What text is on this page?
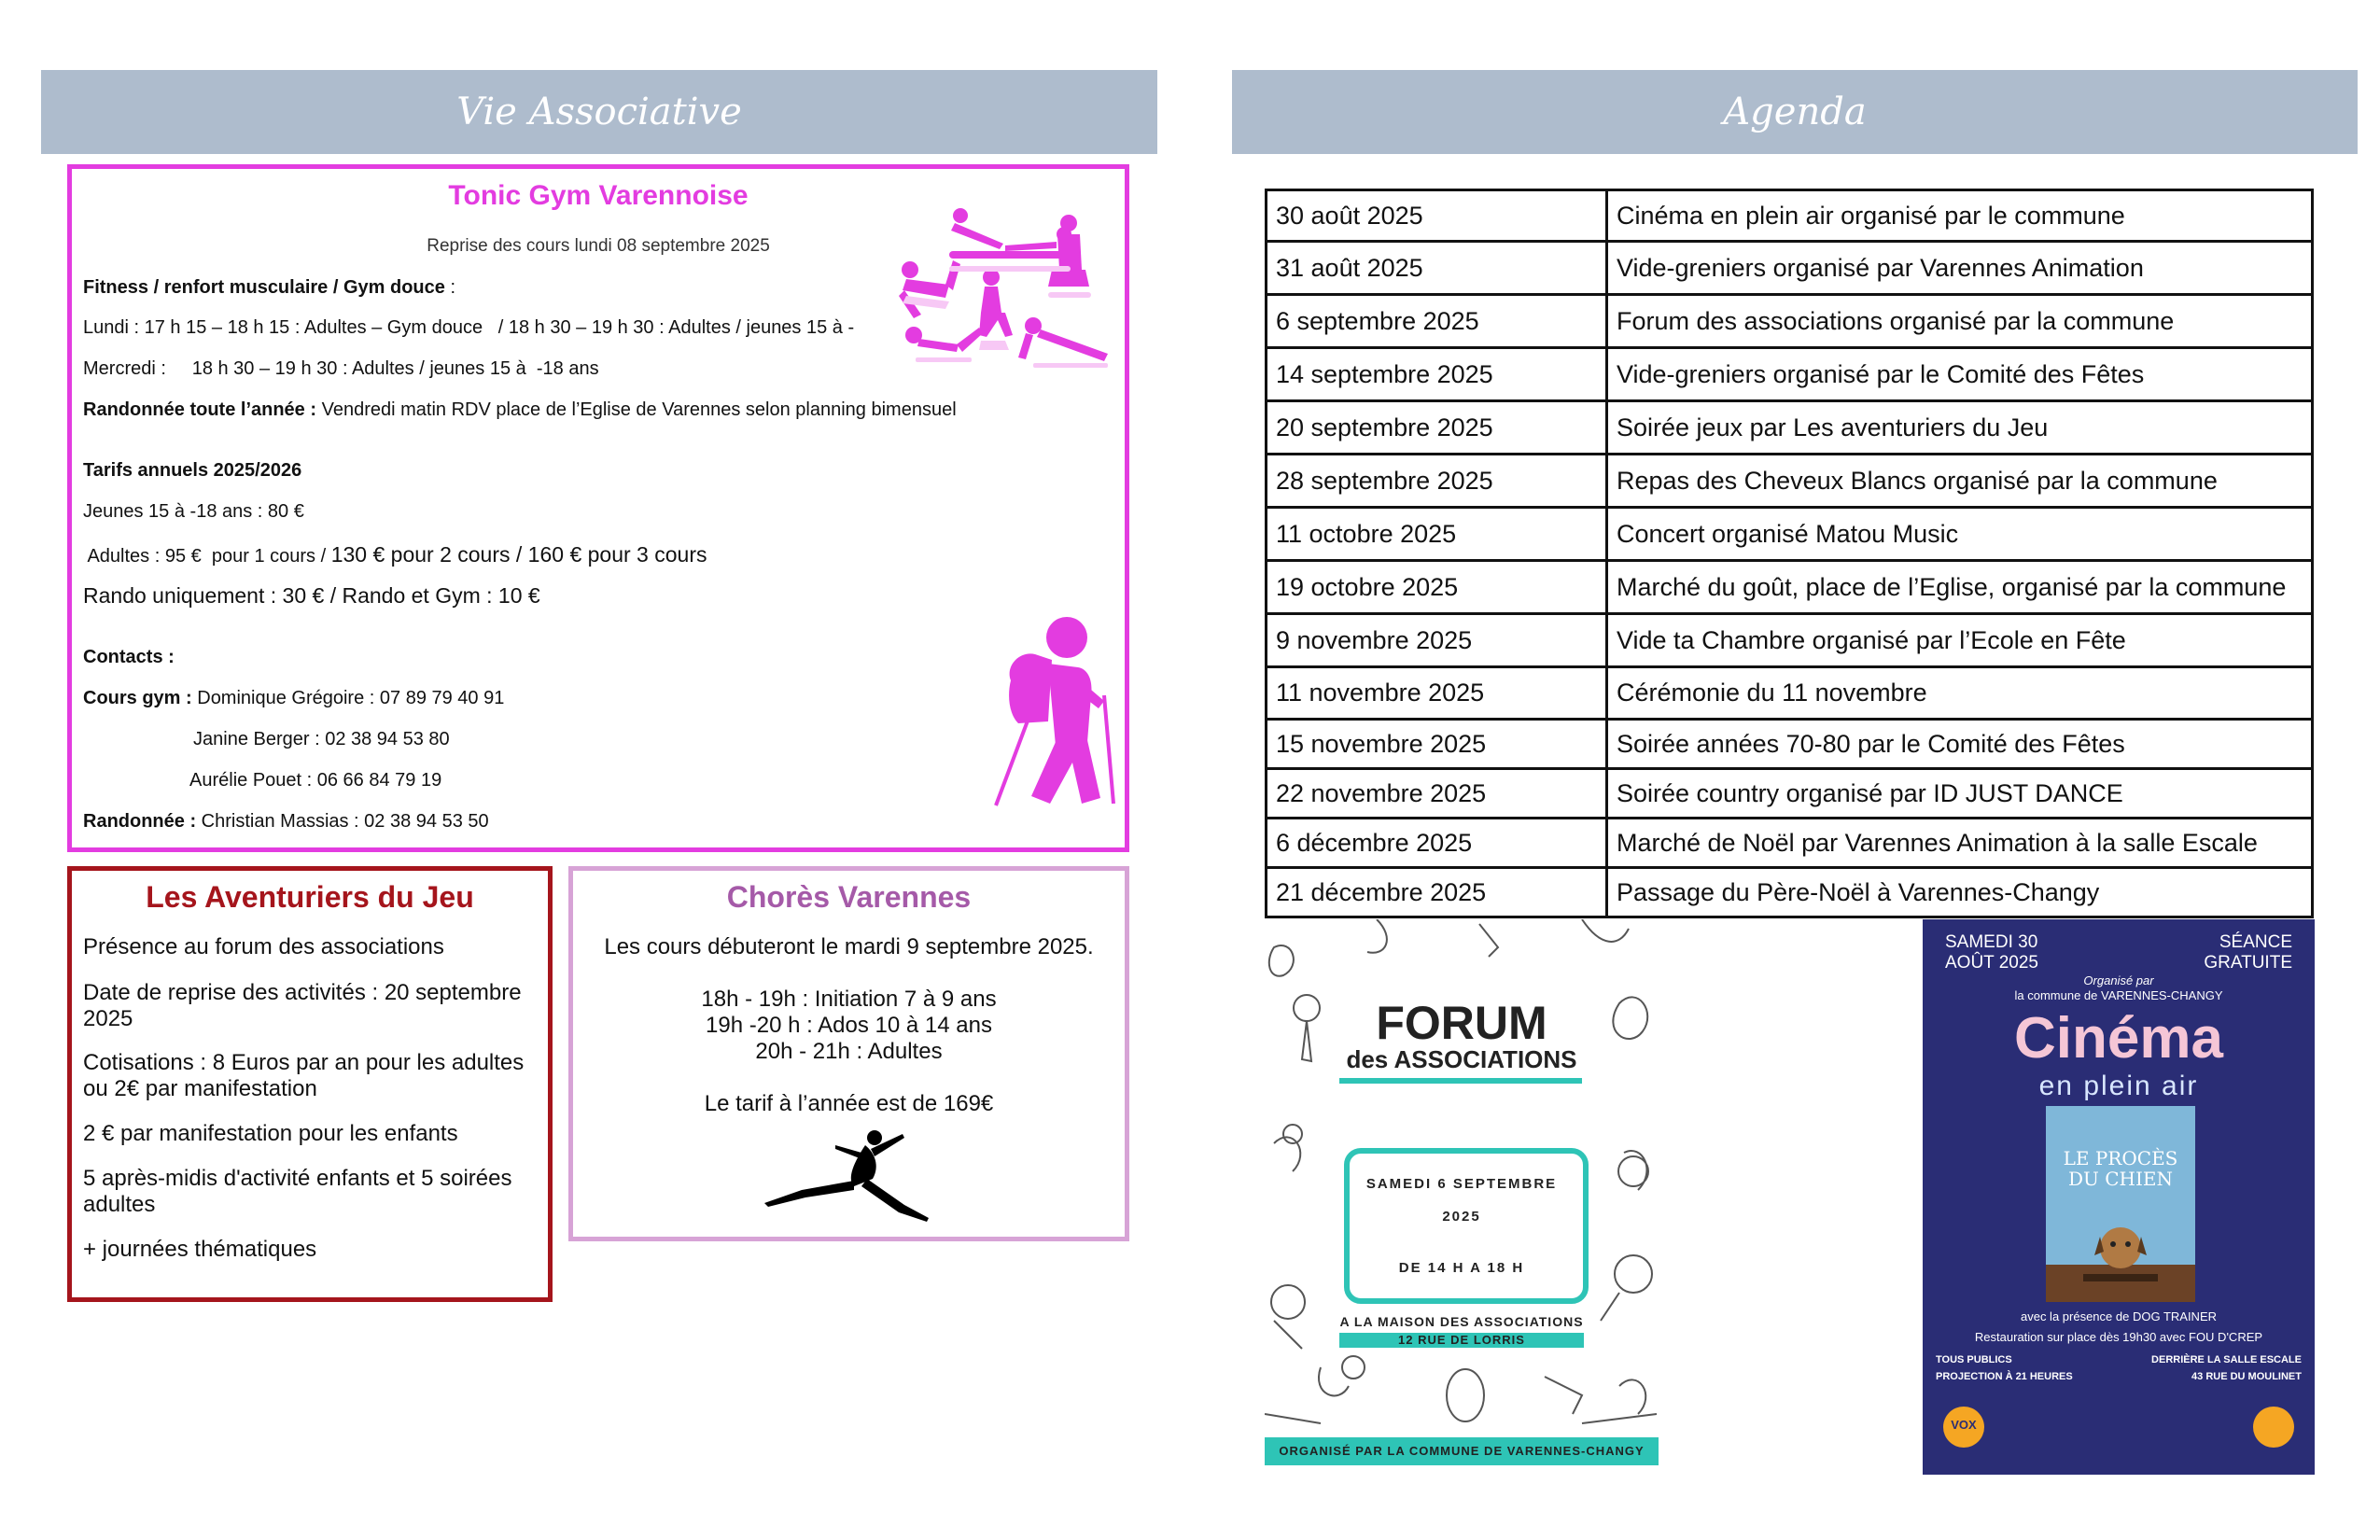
Vie Associative	Agenda
Tonic Gym Varennoise
Reprise des cours lundi 08 septembre 2025
Fitness / renfort musculaire / Gym douce :
Lundi : 17 h 15 – 18 h 15 : Adultes – Gym douce   / 18 h 30 – 19 h 30 : Adultes / jeunes 15 à -
Mercredi :     18 h 30 – 19 h 30 : Adultes / jeunes 15 à  -18 ans
Randonnée toute l’année : Vendredi matin RDV place de l’Eglise de Varennes selon planning bimensuel
Tarifs annuels 2025/2026
Jeunes 15 à -18 ans : 80 €
Adultes : 95 €  pour 1 cours / 130 € pour 2 cours / 160 € pour 3 cours
Rando uniquement : 30 € / Rando et Gym : 10 €
Contacts :
Cours gym : Dominique Grégoire : 07 89 79 40 91
Janine Berger : 02 38 94 53 80
Aurélie Pouet : 06 66 84 79 19
Randonnée : Christian Massias : 02 38 94 53 50
Les Aventuriers du Jeu
Présence au forum des associations
Date de reprise des activités : 20 septembre 2025
Cotisations : 8 Euros par an pour les adultes ou 2€ par manifestation
2 € par manifestation pour les enfants
5 après-midis d'activité enfants et 5 soirées adultes
+ journées thématiques
Chorès Varennes
Les cours débuteront le mardi 9 septembre 2025.
18h - 19h : Initiation 7 à 9 ans
19h -20 h : Ados 10 à 14 ans
20h - 21h : Adultes
Le tarif à l’année est de 169€
30 août 2025	Cinéma en plein air organisé par le commune
31 août 2025	Vide-greniers organisé par Varennes Animation
6 septembre 2025	Forum des associations organisé par la commune
14 septembre 2025	Vide-greniers organisé par le Comité des Fêtes
20 septembre 2025	Soirée jeux par Les aventuriers du Jeu
28 septembre 2025	Repas des Cheveux Blancs organisé par la commune
11 octobre 2025	Concert organisé Matou Music
19 octobre 2025	Marché du goût, place de l’Eglise, organisé par la commune
9 novembre 2025	Vide ta Chambre organisé par l’Ecole en Fête
11 novembre 2025	Cérémonie du 11 novembre
15 novembre 2025	Soirée années 70-80 par le Comité des Fêtes
22 novembre 2025	Soirée country organisé par ID JUST DANCE
6 décembre 2025	Marché de Noël par Varennes Animation à la salle Escale
21 décembre 2025	Passage du Père-Noël à Varennes-Changy
FORUM
des ASSOCIATIONS
SAMEDI 6 SEPTEMBRE
2025
DE 14 H A 18 H
A LA MAISON DES ASSOCIATIONS
12 RUE DE LORRIS
ORGANISÉ PAR LA COMMUNE DE VARENNES-CHANGY
SAMEDI 30
AOÛT 2025
SÉANCE
GRATUITE
Organisé par
la commune de VARENNES-CHANGY
Cinéma
en plein air
LE PROCÈS
DU CHIEN
avec la présence de DOG TRAINER
Restauration sur place dès 19h30 avec FOU D'CREP
TOUS PUBLICS
PROJECTION À 21 HEURES
DERRIÈRE LA SALLE ESCALE
43 RUE DU MOULINET
VOX
